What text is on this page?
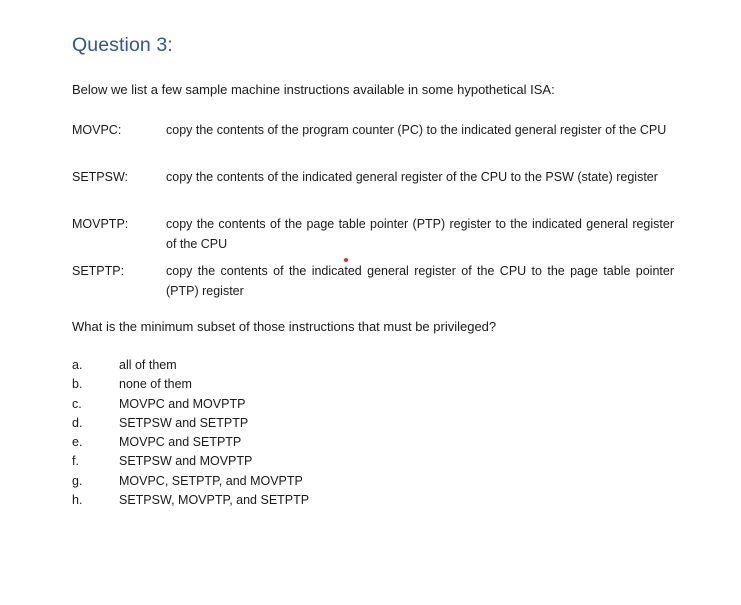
Question 3:
Below we list a few sample machine instructions available in some hypothetical ISA:
MOVPC:	copy the contents of the program counter (PC) to the indicated general register of the CPU
SETPSW:	copy the contents of the indicated general register of the CPU to the PSW (state) register
MOVPTP:	copy the contents of the page table pointer (PTP) register to the indicated general register of the CPU
SETPTP:	copy the contents of the indicated general register of the CPU to the page table pointer (PTP) register
What is the minimum subset of those instructions that must be privileged?
a.	all of them
b.	none of them
c.	MOVPC and MOVPTP
d.	SETPSW and SETPTP
e.	MOVPC and SETPTP
f.	SETPSW and MOVPTP
g.	MOVPC, SETPTP, and MOVPTP
h.	SETPSW, MOVPTP, and SETPTP
